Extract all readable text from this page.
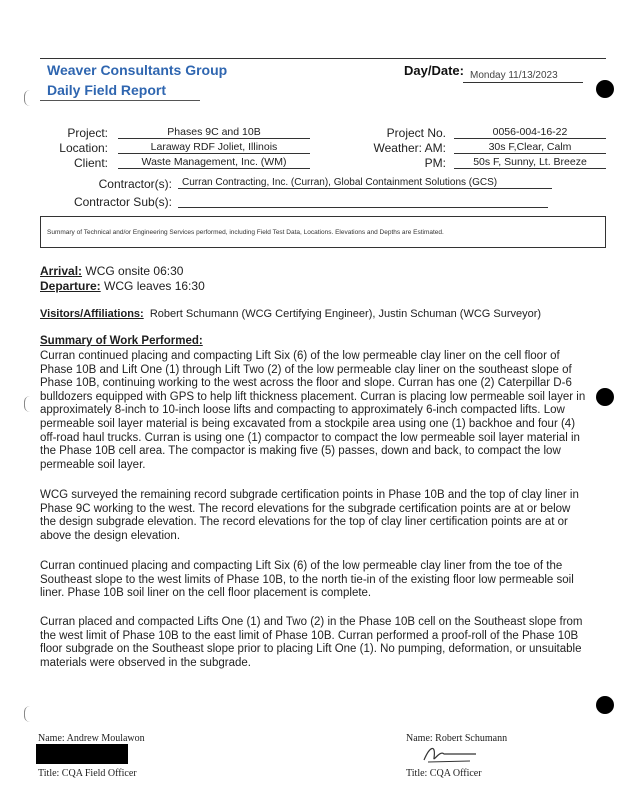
Weaver Consultants Group
Daily Field Report
Day/Date: Monday 11/13/2023
Project:	Phases 9C and 10B
Location:	Laraway RDF Joliet, Illinois
Client:	Waste Management, Inc. (WM)
Project No.	0056-004-16-22
Weather: AM:	30s F,Clear, Calm
PM:	50s F, Sunny, Lt. Breeze
Contractor(s):	Curran Contracting, Inc. (Curran), Global Containment Solutions (GCS)
Contractor Sub(s):
Summary of Technical and/or Engineering Services performed, including Field Test Data, Locations. Elevations and Depths are Estimated.
Arrival: WCG onsite 06:30
Departure: WCG leaves 16:30
Visitors/Affiliations: Robert Schumann (WCG Certifying Engineer), Justin Schuman (WCG Surveyor)
Summary of Work Performed:
Curran continued placing and compacting Lift Six (6) of the low permeable clay liner on the cell floor of Phase 10B and Lift One (1) through Lift Two (2) of the low permeable clay liner on the southeast slope of Phase 10B, continuing working to the west across the floor and slope. Curran has one (2) Caterpillar D-6 bulldozers equipped with GPS to help lift thickness placement. Curran is placing low permeable soil layer in approximately 8-inch to 10-inch loose lifts and compacting to approximately 6-inch compacted lifts. Low permeable soil layer material is being excavated from a stockpile area using one (1) backhoe and four (4) off-road haul trucks. Curran is using one (1) compactor to compact the low permeable soil layer material in the Phase 10B cell area. The compactor is making five (5) passes, down and back, to compact the low permeable soil layer.
WCG surveyed the remaining record subgrade certification points in Phase 10B and the top of clay liner in Phase 9C working to the west. The record elevations for the subgrade certification points are at or below the design subgrade elevation. The record elevations for the top of clay liner certification points are at or above the design elevation.
Curran continued placing and compacting Lift Six (6) of the low permeable clay liner from the toe of the Southeast slope to the west limits of Phase 10B, to the north tie-in of the existing floor low permeable soil liner. Phase 10B soil liner on the cell floor placement is complete.
Curran placed and compacted Lifts One (1) and Two (2) in the Phase 10B cell on the Southeast slope from the west limit of Phase 10B to the east limit of Phase 10B. Curran performed a proof-roll of the Phase 10B floor subgrade on the Southeast slope prior to placing Lift One (1). No pumping, deformation, or unsuitable materials were observed in the subgrade.
Name: Andrew Moulawon
Title: CQA Field Officer
Name: Robert Schumann
Title: CQA Officer
